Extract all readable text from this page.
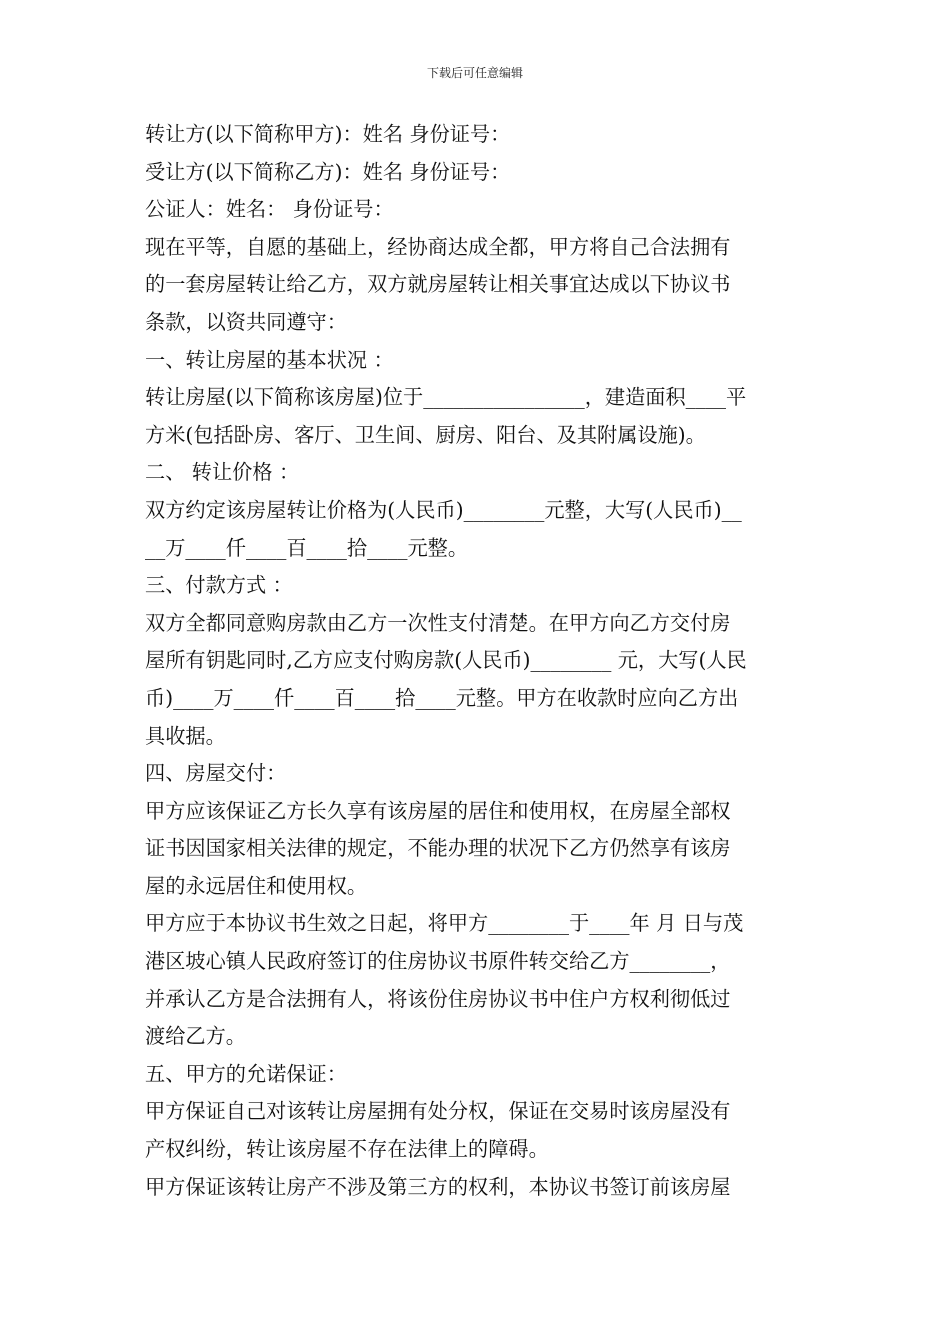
下载后可任意编辑
转让方(以下简称甲方)：姓名 身份证号：
受让方(以下简称乙方)：姓名 身份证号：
公证人：姓名： 身份证号：
现在平等，自愿的基础上，经协商达成全都，甲方将自己合法拥有
的一套房屋转让给乙方，双方就房屋转让相关事宜达成以下协议书
条款，以资共同遵守：
一、转让房屋的基本状况 ：
转让房屋(以下简称该房屋)位于________________，建造面积____平
方米(包括卧房、客厅、卫生间、厨房、阳台、及其附属设施)。
二、 转让价格 ：
双方约定该房屋转让价格为(人民币)________元整，大写(人民币)__
__万____仟____百____拾____元整。
三、付款方式 ：
双方全都同意购房款由乙方一次性支付清楚。在甲方向乙方交付房
屋所有钥匙同时,乙方应支付购房款(人民币)________ 元，大写(人民
币)____万____仟____百____拾____元整。甲方在收款时应向乙方出
具收据。
四、房屋交付：
甲方应该保证乙方长久享有该房屋的居住和使用权，在房屋全部权
证书因国家相关法律的规定，不能办理的状况下乙方仍然享有该房
屋的永远居住和使用权。
甲方应于本协议书生效之日起，将甲方________于____年 月 日与茂
港区坡心镇人民政府签订的住房协议书原件转交给乙方________，
并承认乙方是合法拥有人，将该份住房协议书中住户方权利彻低过
渡给乙方。
五、甲方的允诺保证：
甲方保证自己对该转让房屋拥有处分权，保证在交易时该房屋没有
产权纠纷，转让该房屋不存在法律上的障碍。
甲方保证该转让房产不涉及第三方的权利，本协议书签订前该房屋
